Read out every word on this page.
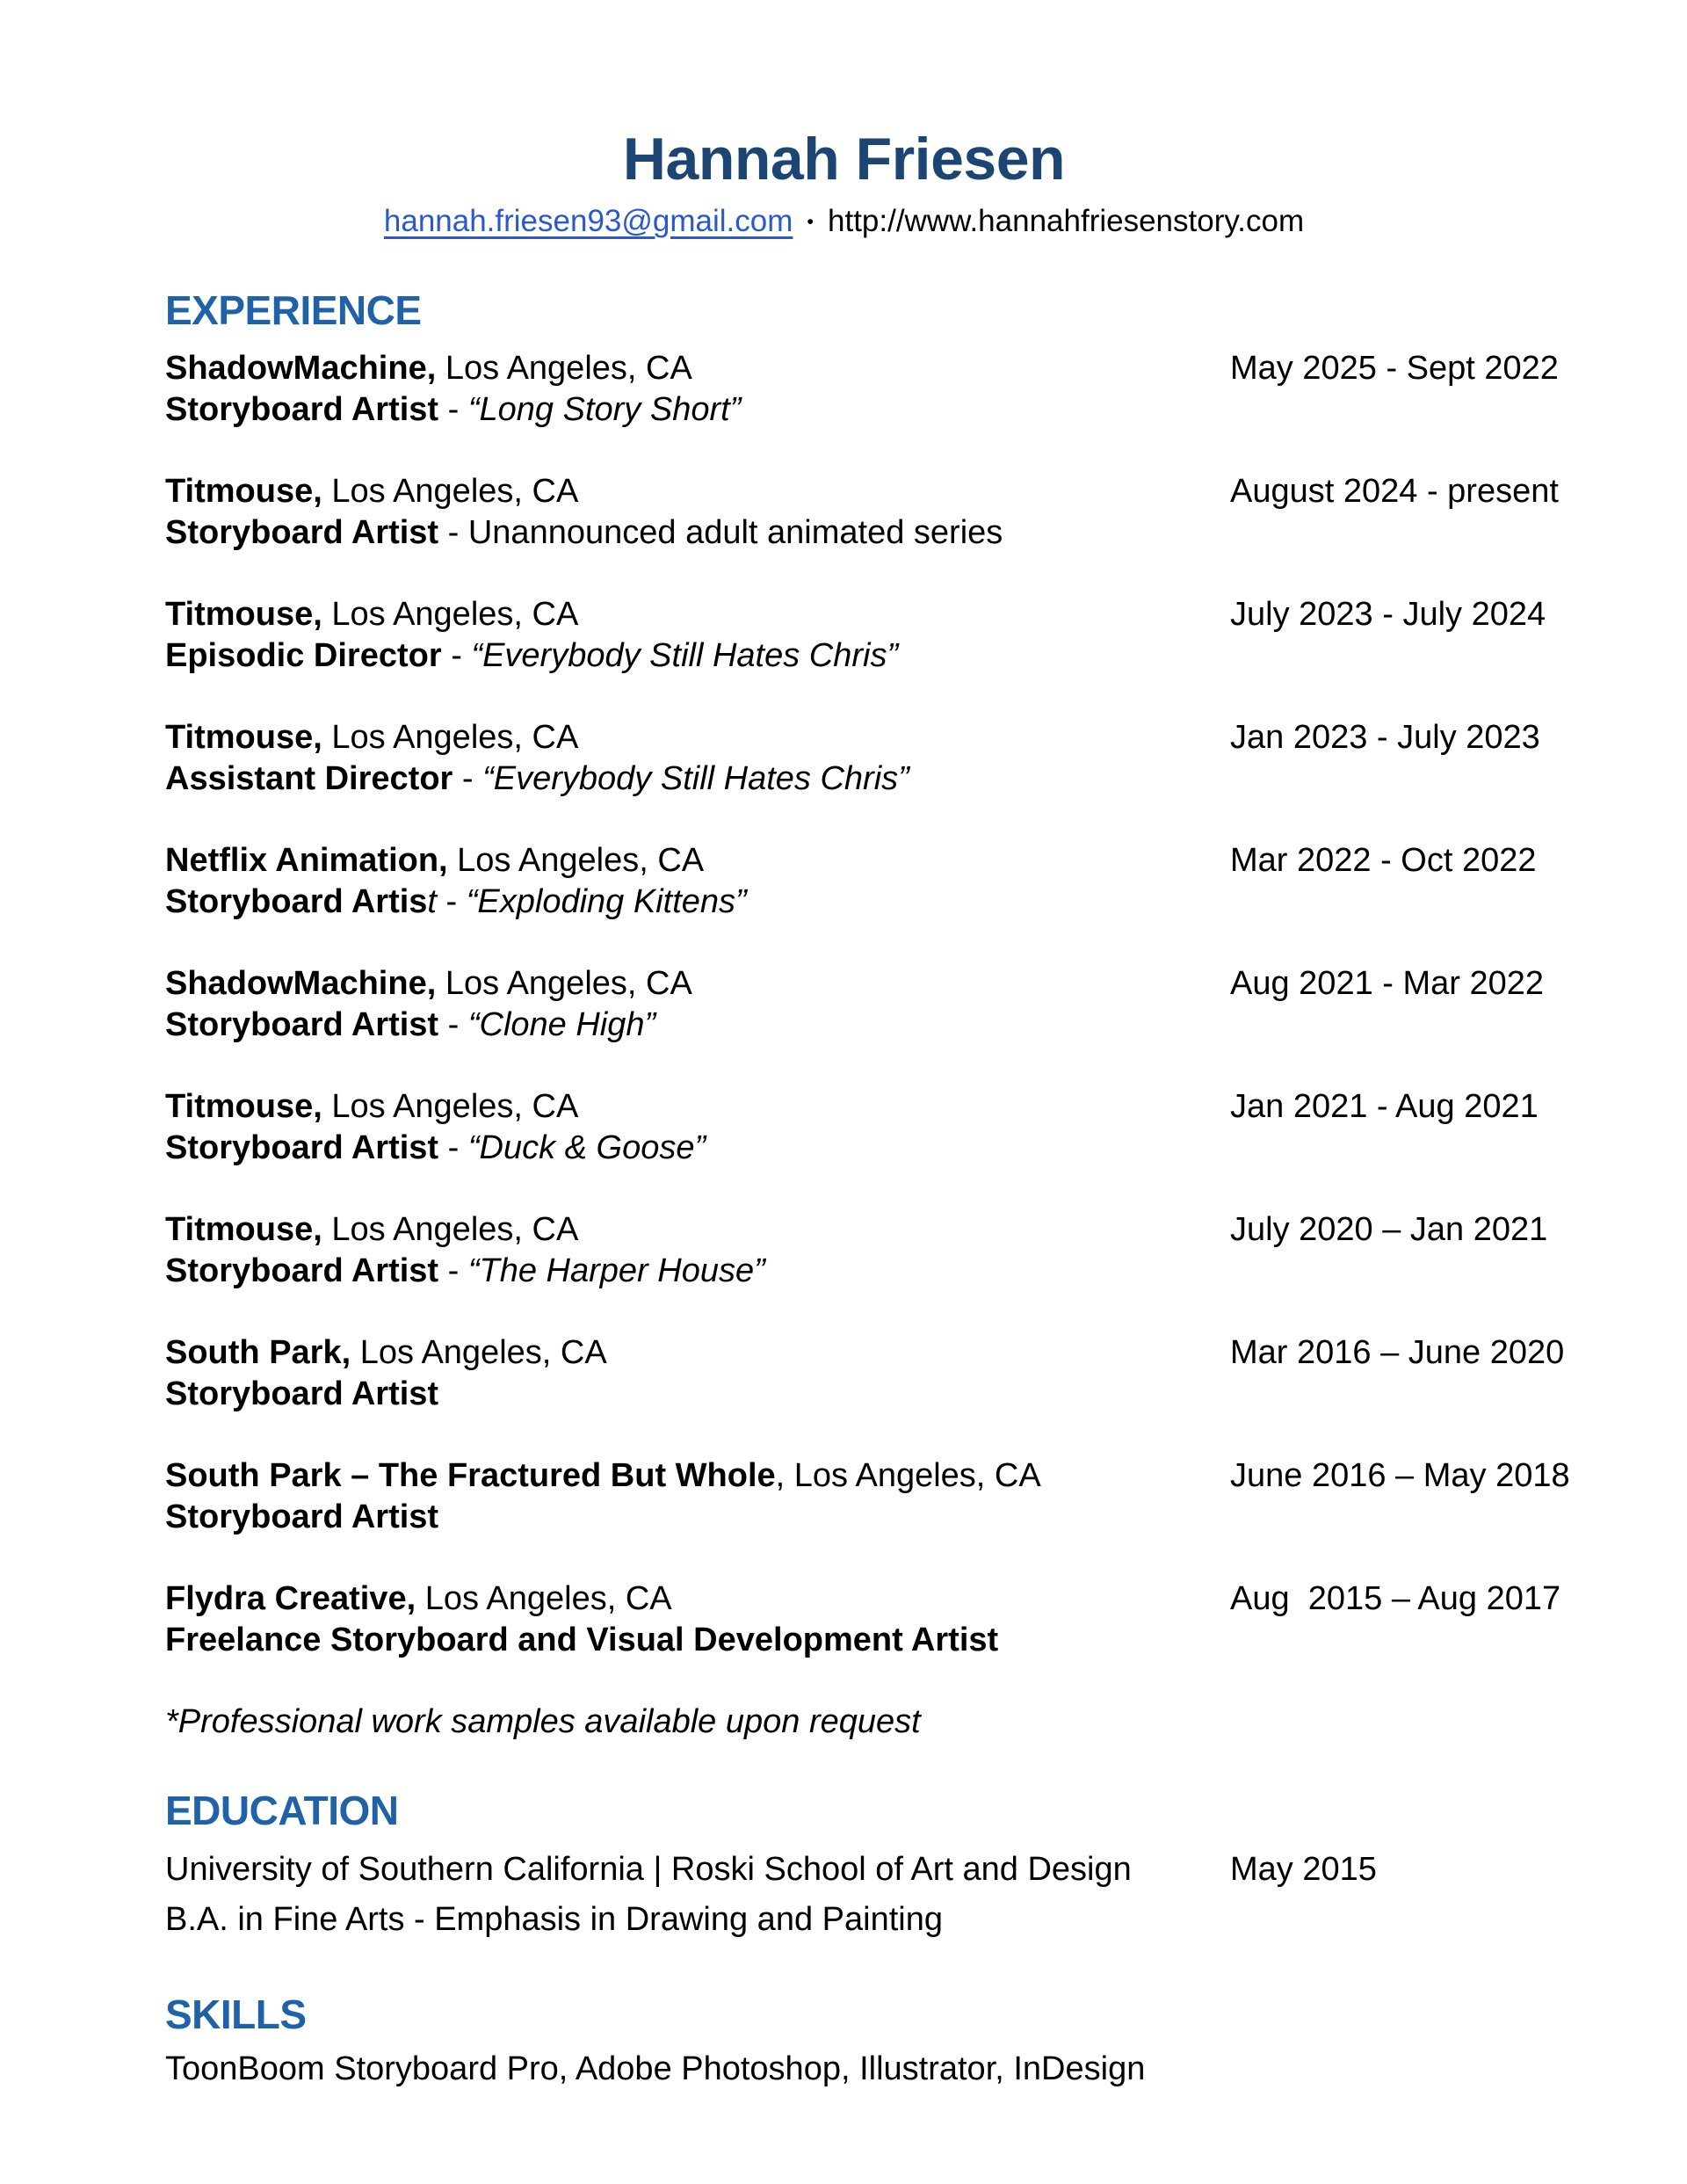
Hannah Friesen
hannah.friesen93@gmail.com • http://www.hannahfriesenstory.com
EXPERIENCE
ShadowMachine, Los Angeles, CA	May 2025 - Sept 2022
Storyboard Artist - “Long Story Short”
Titmouse, Los Angeles, CA	August 2024 - present
Storyboard Artist - Unannounced adult animated series
Titmouse, Los Angeles, CA	July 2023 - July 2024
Episodic Director - “Everybody Still Hates Chris”
Titmouse, Los Angeles, CA	Jan 2023 - July 2023
Assistant Director - “Everybody Still Hates Chris”
Netflix Animation, Los Angeles, CA	Mar 2022 - Oct 2022
Storyboard Artist - “Exploding Kittens”
ShadowMachine, Los Angeles, CA	Aug 2021 - Mar 2022
Storyboard Artist - “Clone High”
Titmouse, Los Angeles, CA	Jan 2021 - Aug 2021
Storyboard Artist - “Duck & Goose”
Titmouse, Los Angeles, CA	July 2020 – Jan 2021
Storyboard Artist - “The Harper House”
South Park, Los Angeles, CA	Mar 2016 – June 2020
Storyboard Artist
South Park – The Fractured But Whole, Los Angeles, CA	June 2016 – May 2018
Storyboard Artist
Flydra Creative, Los Angeles, CA	Aug  2015 – Aug 2017
Freelance Storyboard and Visual Development Artist

*Professional work samples available upon request

EDUCATION
University of Southern California | Roski School of Art and Design	May 2015
B.A. in Fine Arts - Emphasis in Drawing and Painting
SKILLS
ToonBoom Storyboard Pro, Adobe Photoshop, Illustrator, InDesign
